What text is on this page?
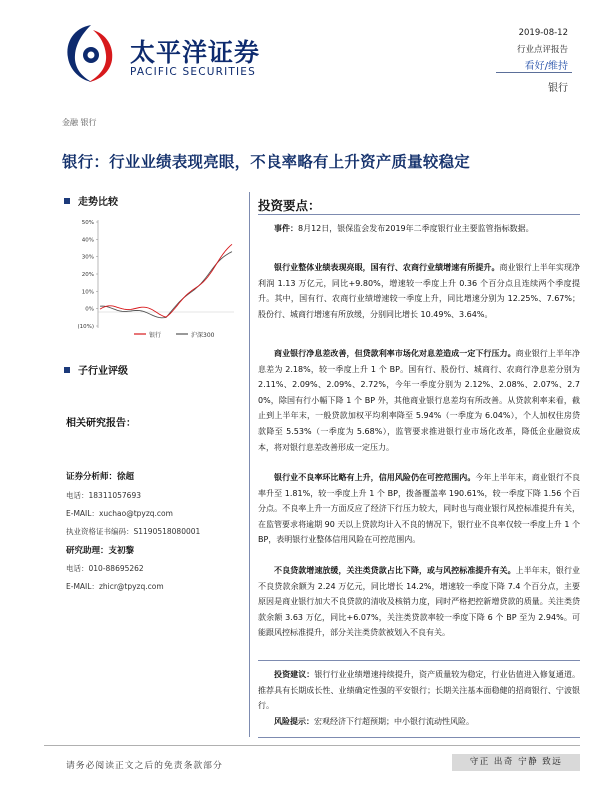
太平洋证券
PACIFIC SECURITIES
2019-08-12
行业点评报告
看好/维持
银行
金融 银行
银行：行业业绩表现亮眼，不良率略有上升资产质量较稳定
走势比较
(10%)
0%
10%
20%
30%
40%
50%
银行	沪深300
子行业评级
相关研究报告：
证券分析师：徐超
电话：18311057693
E-MAIL：xuchao@tpyzq.com
执业资格证书编码：S1190518080001
研究助理：支初黎
电话：010-88695262
E-MAIL：zhicr@tpyzq.com
投资要点：
事件：8月12日，银保监会发布2019年二季度银行业主要监管指标数据。
银行业整体业绩表现亮眼，国有行、农商行业绩增速有所提升。商业银行上半年实现净利润 1.13 万亿元，同比+9.80%，增速较一季度上升 0.36 个百分点且连续两个季度提升。其中，国有行、农商行业绩增速较一季度上升，同比增速分别为 12.25%、7.67%；股份行、城商行增速有所放缓，分别同比增长 10.49%、3.64%。
商业银行净息差改善，但贷款利率市场化对息差造成一定下行压力。商业银行上半年净息差为 2.18%，较一季度上升 1 个 BP。国有行、股份行、城商行、农商行净息差分别为 2.11%、2.09%、2.09%、2.72%，今年一季度分别为 2.12%、2.08%、2.07%、2.70%，除国有行小幅下降 1 个 BP 外，其他商业银行息差均有所改善。从贷款利率来看，截止到上半年末，一般贷款加权平均利率降至 5.94%（一季度为 6.04%），个人加权住房贷款降至 5.53%（一季度为 5.68%），监管要求推进银行业市场化改革，降低企业融资成本，将对银行息差改善形成一定压力。
银行业不良率环比略有上升，信用风险仍在可控范围内。今年上半年末，商业银行不良率升至 1.81%，较一季度上升 1 个 BP，拨备覆盖率 190.61%，较一季度下降 1.56 个百分点。不良率上升一方面反应了经济下行压力较大，同时也与商业银行风控标准提升有关，在监管要求将逾期 90 天以上贷款均计入不良的情况下，银行业不良率仅较一季度上升 1 个 BP，表明银行业整体信用风险在可控范围内。
不良贷款增速放缓，关注类贷款占比下降，或与风控标准提升有关。上半年末，银行业不良贷款余额为 2.24 万亿元，同比增长 14.2%，增速较一季度下降 7.4 个百分点，主要原因是商业银行加大不良贷款的清收及核销力度，同时严格把控新增贷款的质量。关注类贷款余额 3.63 万亿，同比+6.07%，关注类贷款率较一季度下降 6 个 BP 至为 2.94%。可能跟风控标准提升，部分关注类贷款被划入不良有关。
投资建议：银行行业业绩增速持续提升，资产质量较为稳定，行业估值进入修复通道。推荐具有长期成长性、业绩确定性强的平安银行；长期关注基本面稳健的招商银行、宁波银行。
风险提示：宏观经济下行超预期；中小银行流动性风险。
请务必阅读正文之后的免责条款部分	守正 出奇 宁静 致远
